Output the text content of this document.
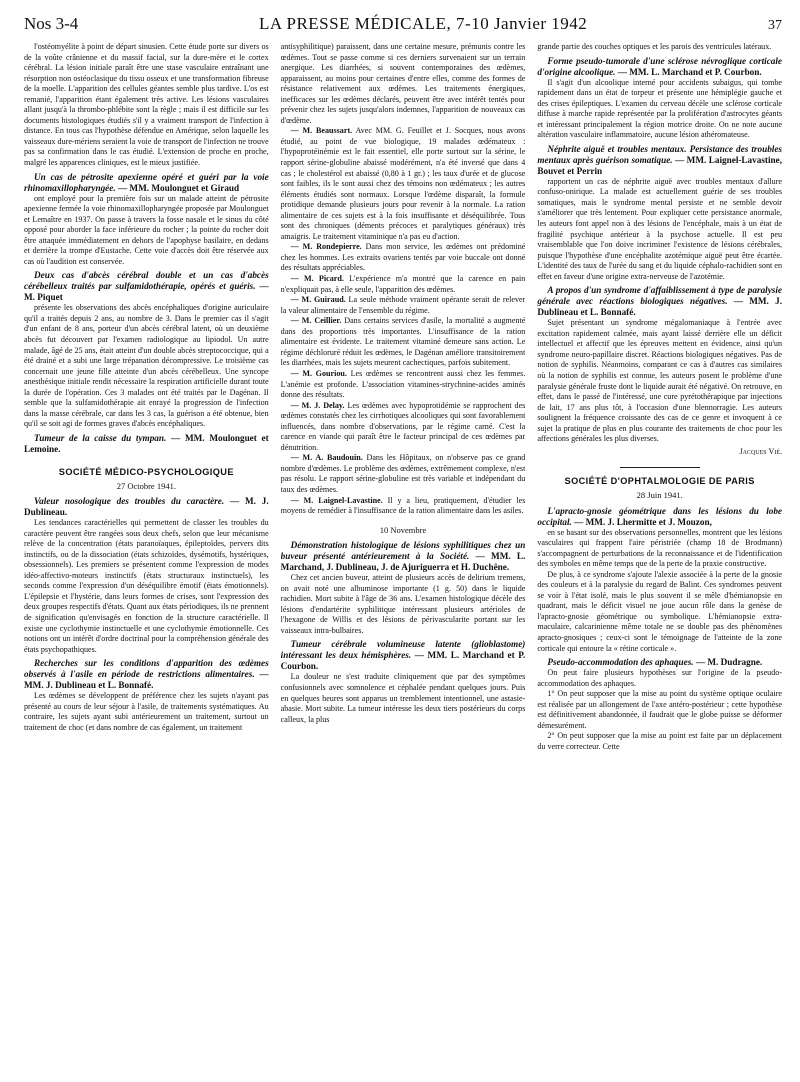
Nos 3-4	LA PRESSE MÉDICALE, 7-10 Janvier 1942	37

l'ostéomyélite à point de départ sinusien. Cette étude porte sur divers os de la voûte crânienne et du massif facial, sur la dure-mère et le cortex cérébral. La lésion initiale paraît être une stase vasculaire entraînant une résorption non ostéoclasique du tissu osseux et une transformation fibreuse de la moelle. L'apparition des cellules géantes semble plus tardive. L'os est remanié, l'apparition étant également très active. Les lésions vasculaires allant jusqu'à la thrombo-phlébite sont la règle ; mais il est difficile sur les documents histologiques étudiés s'il y a vraiment transport de l'infection à distance. En tous cas l'hypothèse défendue en Amérique, selon laquelle les vaisseaux dure-mériens seraient la voie de transport de l'infection ne trouve pas sa confirmation dans le cas étudié. L'extension de proche en proche, malgré les apparences cliniques, est le mieux justifiée.

Un cas de pétrosite apexienne opéré et guéri par la voie rhinomaxillopharyngée. — MM. Moulonguet et Giraud

ont employé pour la première fois sur un malade atteint de pétrosite apexienne fermée la voie rhinomaxillopharyngée proposée par Moulonguet et Lemaître en 1937. On passe à travers la fosse nasale et le sinus du côté opposé pour aborder la face inférieure du rocher ; la pointe du rocher doit être attaquée immédiatement en dehors de l'apophyse basilaire, en dedans et derrière la trompe d'Eustache. Cette voie d'accès doit être réservée aux cas où l'audition est conservée.

Deux cas d'abcès cérébral double et un cas d'abcès cérébelleux traités par sulfamidothérapie, opérés et guéris. — M. Piquet

présente les observations des abcès encéphaliques d'origine auriculaire qu'il a traités depuis 2 ans, au nombre de 3. Dans le premier cas il s'agit d'un enfant de 8 ans, porteur d'un abcès cérébral latent, où un deuxième abcès fut découvert par l'examen radiologique au lipiodol. Un autre malade, âgé de 25 ans, était atteint d'un double abcès streptococcique, qui a été drainé et a subi une large trépanation décompressive. Le troisième cas concernait une jeune fille atteinte d'un abcès cérébelleux. Une syncope anesthésique initiale rendit nécessaire la respiration artificielle durant toute la durée de l'opération. Ces 3 malades ont été traités par le Dagénan. Il semble que la sulfamidothérapie ait enrayé la progression de l'infection dans la masse cérébrale, car dans les 3 cas, la guérison a été obtenue, bien qu'il se soit agi de formes graves d'abcès encéphaliques.

Tumeur de la caisse du tympan. — MM. Moulonguet et Lemoine.

SOCIÉTÉ MÉDICO-PSYCHOLOGIQUE
27 Octobre 1941.

Valeur nosologique des troubles du caractère. — M. J. Dublineau.

Les tendances caractérielles qui permettent de classer les troubles du caractère peuvent être rangées sous deux chefs, selon que leur mécanisme relève de la concentration (états paranoïaques, épileptoïdes, pervers dits instinctifs, ou de la dissociation (états schizoïdes, dysémotifs, hystériques, obsessionnels). Les premiers se présentent comme l'expression de modes idéo-affectivo-moteurs instinctifs (états structuraux instinctuels), les seconds comme l'expression d'un déséquilibre émotif (états émotionnels). L'épilepsie et l'hystérie, dans leurs formes de crises, sont l'expression des deux groupes respectifs d'états. Quant aux états périodiques, ils ne prennent de signification qu'envisagés en fonction de la structure caractérielle. Il existe une cyclothymie instinctuelle et une cyclothymie émotionnelle. Ces notions ont un intérêt d'ordre doctrinal pour la compréhension générale des états psychopathiques.

Recherches sur les conditions d'apparition des œdèmes observés à l'asile en période de restrictions alimentaires. — MM. J. Dublineau et L. Bonnafé.

Les œdèmes se développent de préférence chez les sujets n'ayant pas présenté au cours de leur séjour à l'asile, de traitements systématiques. Au contraire, les sujets ayant subi antérieurement un traitement, surtout un traitement de choc (et dans nombre de cas également, un traitement

antisyphilitique) paraissent, dans une certaine mesure, prémunis contre les œdèmes. Tout se passe comme si ces derniers survenaient sur un terrain anergique. Les diarrhées, si souvent contemporaines des œdèmes, apparaissent, au moins pour certaines d'entre elles, comme des formes de résistance relativement aux œdèmes. Les traitements énergiques, inefficaces sur les œdèmes déclarés, peuvent être avec intérêt tentés pour prévenir chez les sujets jusqu'alors indemnes, l'apparition de nouveaux cas d'œdème.

— M. Beaussart. Avec MM. G. Feuillet et J. Socques, nous avons étudié, au point de vue biologique, 19 malades œdémateux : l'hypoprotéinémie est le fait essentiel, elle porte surtout sur la sérine, le rapport sérine-globuline abaissé modérément, n'a été inversé que dans 4 cas ; le cholestérol est abaissé (0,80 à 1 gr.) ; les taux d'urée et de glucose sont faibles, ils le sont aussi chez des témoins non œdémateux ; les autres éléments étudiés sont normaux. Lorsque l'œdème disparaît, la formule protidique demande plusieurs jours pour revenir à la normale. La ration alimentaire de ces sujets est à la fois insuffisante et déséquilibrée. Tous sont des chroniques (déments précoces et paralytiques généraux) très amaigris. Le traitement vitaminique n'a pas eu d'action.

— M. Rondepierre. Dans mon service, les œdèmes ont prédominé chez les hommes. Les extraits ovariens tentés par voie buccale ont donné des résultats appréciables.

— M. Picard. L'expérience m'a montré que la carence en pain n'expliquait pas, à elle seule, l'apparition des œdèmes.

— M. Guiraud. La seule méthode vraiment opérante serait de relever la valeur alimentaire de l'ensemble du régime.

— M. Ceillier. Dans certains services d'asile, la mortalité a augmenté dans des proportions très importantes. L'insuffisance de la ration alimentaire est évidente. Le traitement vitaminé demeure sans action. Le régime déchloruré réduit les œdèmes, le Dagénan améliore transitoirement les diarrhées, mais les sujets meurent cachectiques, parfois subitement.

— M. Gouriou. Les œdèmes se rencontrent aussi chez les femmes. L'anémie est profonde. L'association vitamines-strychnine-acides aminés donne des résultats.

— M. J. Delay. Les œdèmes avec hypoprotidémie se rapprochent des œdèmes constatés chez les cirrhotiques alcooliques qui sont favorablement influencés, dans nombre d'observations, par le régime carné. C'est la carence en viande qui paraît être le facteur principal de ces œdèmes par dénutrition.

— M. A. Baudouin. Dans les Hôpitaux, on n'observe pas ce grand nombre d'œdèmes. Le problème des œdèmes, extrêmement complexe, n'est pas résolu. Le rapport sérine-globuline est très variable et indépendant du taux des œdèmes.

— M. Laignel-Lavastine. Il y a lieu, pratiquement, d'étudier les moyens de remédier à l'insuffisance de la ration alimentaire dans les asiles.

10 Novembre

Démonstration histologique de lésions syphilitiques chez un buveur présenté antérieurement à la Société. — MM. L. Marchand, J. Dublineau, J. de Ajuriguerra et H. Duchêne.

Chez cet ancien buveur, atteint de plusieurs accès de delirium tremens, on avait noté une albuminose importante (1 g. 50) dans le liquide rachidien. Mort subite à l'âge de 36 ans. L'examen histologique décèle des lésions d'endartérite syphilitique intéressant plusieurs artérioles de l'hexagone de Willis et des lésions de périvascularite portant sur les vaisseaux intra-bulbaires.

Tumeur cérébrale volumineuse latente (glioblastome) intéressant les deux hémisphères. — MM. L. Marchand et P. Courbon.

La douleur ne s'est traduite cliniquement que par des symptômes confusionnels avec somnolence et céphalée pendant quelques jours. Puis en quelques heures sont apparus un tremblement intentionnel, une astasie-abasie. Mort subite. La tumeur intéresse les deux tiers postérieurs du corps calleux, la plus

grande partie des couches optiques et les parois des ventricules latéraux.

Forme pseudo-tumorale d'une sclérose névroglique corticale d'origine alcoolique. — MM. L. Marchand et P. Courbon.

Il s'agit d'un alcoolique interné pour accidents subaigus, qui tombe rapidement dans un état de torpeur et présente une hémiplégie gauche et des crises épileptiques. L'examen du cerveau décèle une sclérose corticale diffuse à marche rapide représentée par la prolifération d'astrocytes géants et intéressant principalement la région motrice droite. On ne note aucune altération vasculaire inflammatoire, aucune lésion athéromateuse.

Néphrite aiguë et troubles mentaux. Persistance des troubles mentaux après guérison somatique. — MM. Laignel-Lavastine, Bouvet et Perrin

rapportent un cas de néphrite aiguë avec troubles mentaux d'allure confuso-onirique. La malade est actuellement guérie de ses troubles somatiques, mais le syndrome mental persiste et ne semble devoir s'améliorer que très lentement. Pour expliquer cette persistance anormale, les auteurs font appel non à des lésions de l'encéphale, mais à un état de fragilité psychique antérieur à la psychose actuelle. Il est peu vraisemblable que l'on doive incriminer l'existence de lésions cérébrales, puisque l'hypothèse d'une encéphalite azotémique aiguë peut être écartée. L'identité des taux de l'urée du sang et du liquide céphalo-rachidien sont en effet en faveur d'une origine extra-nerveuse de l'azotémie.

A propos d'un syndrome d'affaiblissement à type de paralysie générale avec réactions biologiques négatives. — MM. J. Dublineau et L. Bonnafé.

Sujet présentant un syndrome mégalomaniaque à l'entrée avec excitation rapidement calmée, mais ayant laissé derrière elle un déficit intellectuel et affectif que les épreuves mettent en évidence, ainsi qu'un syndrome neuro-papillaire discret. Réactions biologiques négatives. Pas de notion de syphilis. Néanmoins, comparant ce cas à d'autres cas similaires où la notion de syphilis est connue, les auteurs posent le problème d'une paralysie générale fruste dont le liquide aurait été négativé. On retrouve, en effet, dans le passé de l'intéressé, une cure pyrétothérapique par injections de lait, 17 ans plus tôt, à l'occasion d'une blennorragie. Les auteurs soulignent la fréquence croissante des cas de ce genre et invoquent à ce sujet la pratique de plus en plus courante des traitements de choc pour les affections générales les plus diverses.

Jacques Vié.
SOCIÉTÉ D'OPHTALMOLOGIE DE PARIS
28 Juin 1941.

L'apracto-gnosie géométrique dans les lésions du lobe occipital. — MM. J. Lhermitte et J. Mouzon,

en se basant sur des observations personnelles, montrent que les lésions vasculaires qui frappent l'aire péristriée (champ 18 de Brodmann) s'accompagnent de perturbations de la reconnaissance et de l'identification des symboles en même temps que de la perte de la praxie constructive.

De plus, à ce syndrome s'ajoute l'alexie associée à la perte de la gnosie des couleurs et à la paralysie du regard de Balint. Ces syndromes peuvent se voir à l'état isolé, mais le plus souvent il se mêle d'hémianopsie en quadrant, mais le déficit visuel ne joue aucun rôle dans la genèse de l'apracto-gnosie géométrique ou symbolique. L'hémianopsie extra-maculaire, calcarinienne même totale ne se double pas des phénomènes apracto-gnosiques ; ceux-ci sont le témoignage de l'atteinte de la zone corticale qui entoure la « rétine corticale ».

Pseudo-accommodation des aphaques. — M. Dudragne.

On peut faire plusieurs hypothèses sur l'origine de la pseudo-accommodation des aphaques.

1° On peut supposer que la mise au point du système optique oculaire est réalisée par un allongement de l'axe antéro-postérieur ; cette hypothèse est définitivement abandonnée, il faudrait que le globe puisse se déformer démesurément.

2° On peut supposer que la mise au point est faite par un déplacement du verre correcteur. Cette
